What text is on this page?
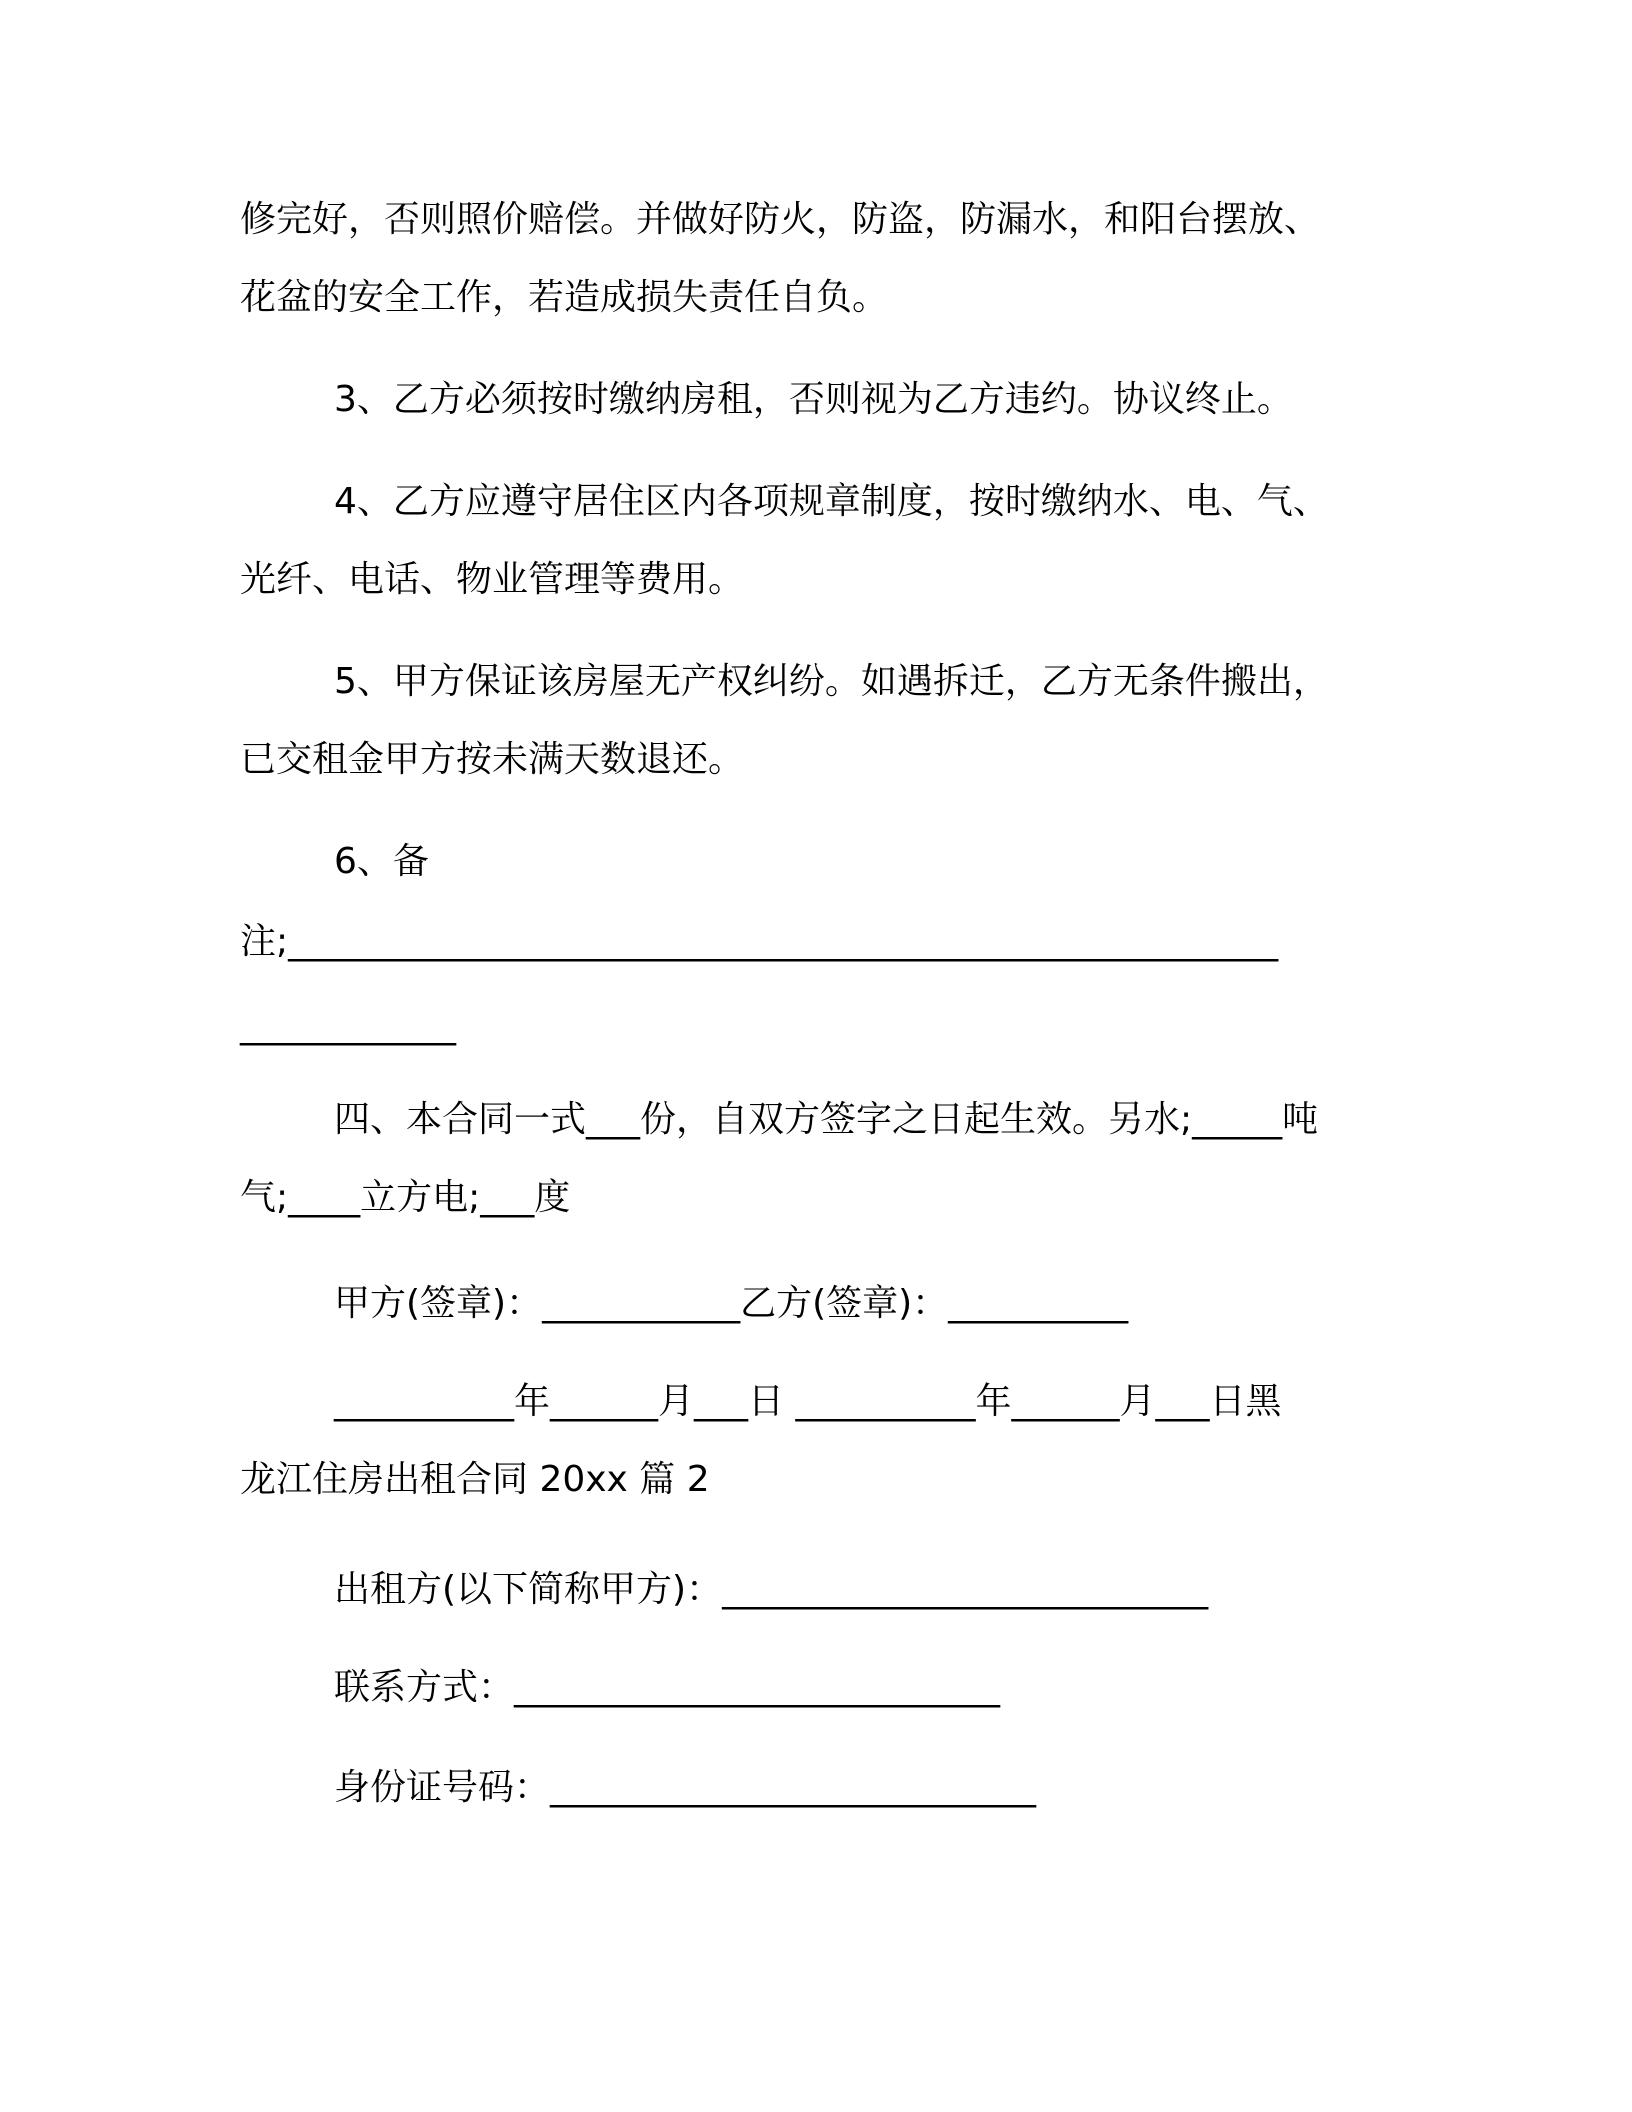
修完好，否则照价赔偿。并做好防火，防盗，防漏水，和阳台摆放、
花盆的安全工作，若造成损失责任自负。
3、乙方必须按时缴纳房租，否则视为乙方违约。协议终止。
4、乙方应遵守居住区内各项规章制度，按时缴纳水、电、气、
光纤、电话、物业管理等费用。
5、甲方保证该房屋无产权纠纷。如遇拆迁，乙方无条件搬出，
已交租金甲方按未满天数退还。
6、备
注;_______________________________________________________
____________
四、本合同一式___份，自双方签字之日起生效。另水;_____吨
气;____立方电;___度
甲方(签章)：___________乙方(签章)：__________
__________年______月___日 __________年______月___日黑
龙江住房出租合同 20xx 篇 2
出租方(以下简称甲方)：___________________________
联系方式：___________________________
身份证号码：___________________________
